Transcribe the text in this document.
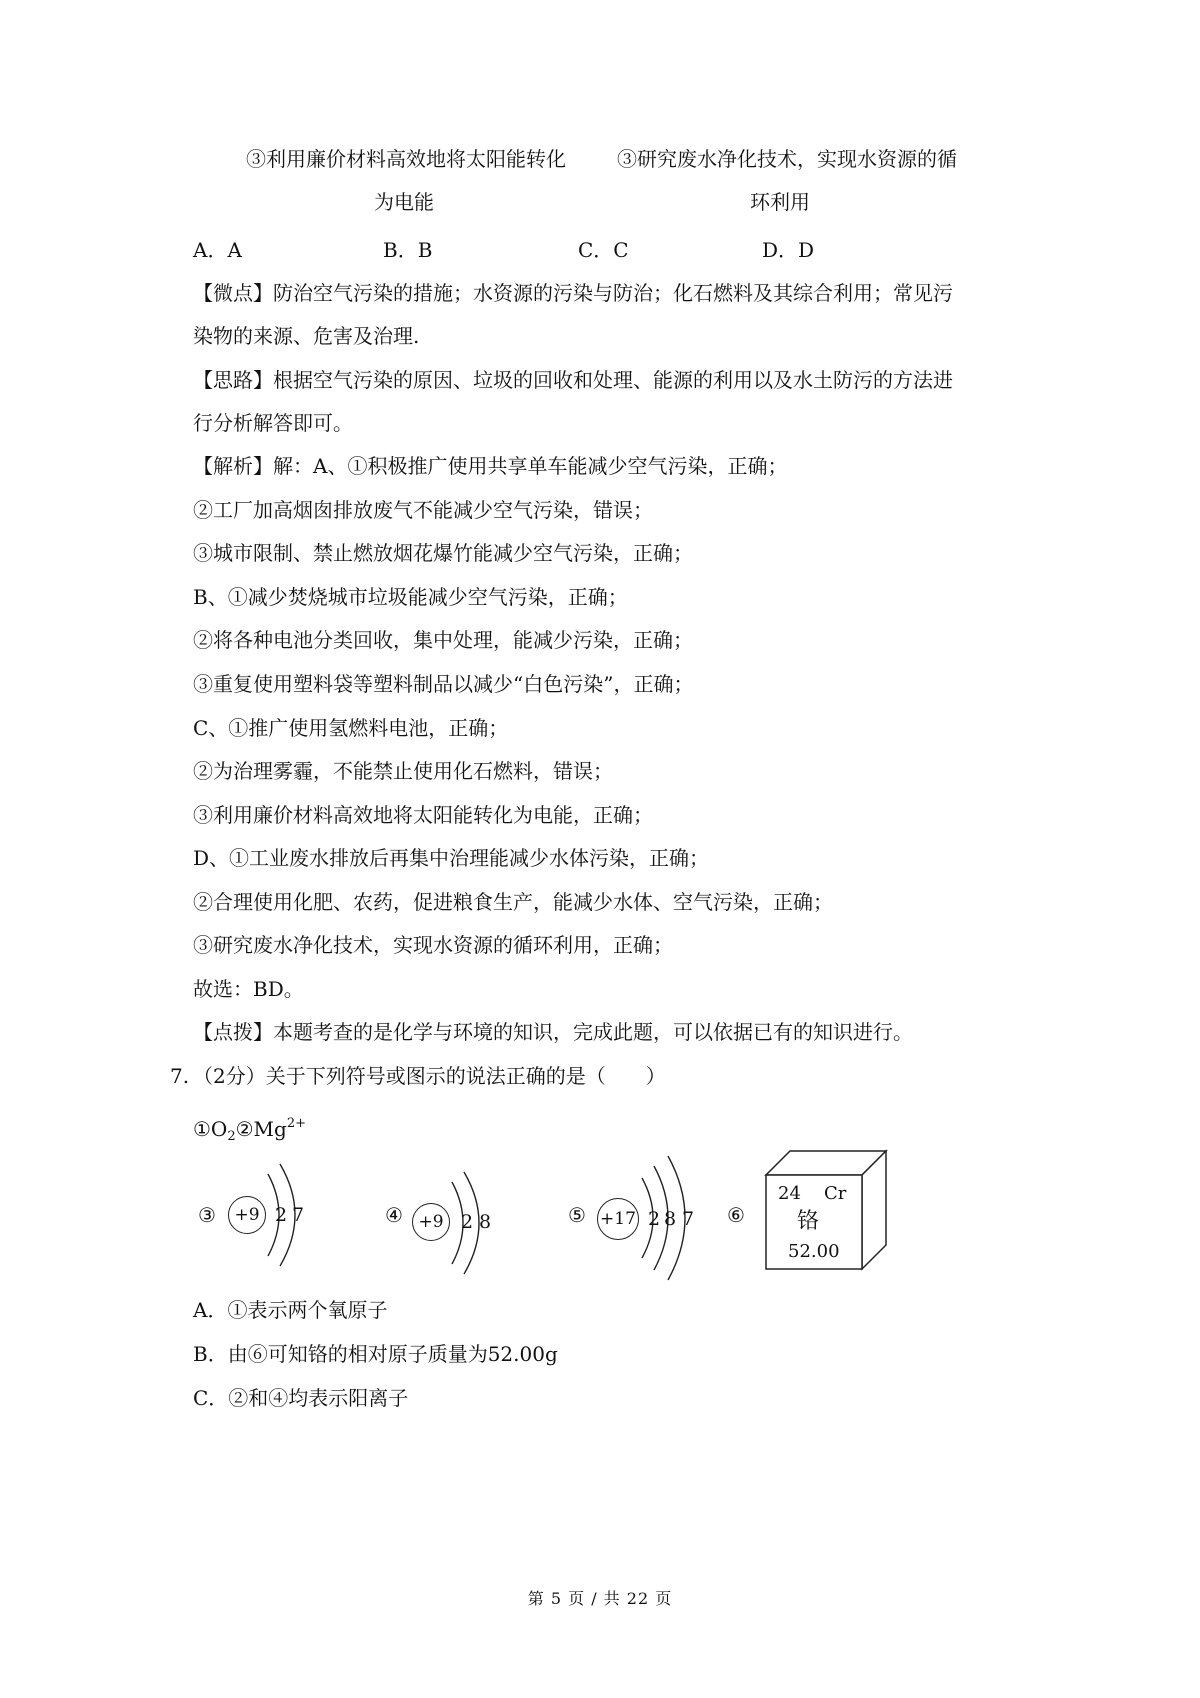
③利用廉价材料高效地将太阳能转化
为电能
③研究废水净化技术，实现水资源的循
环利用
A．A	B．B	C．C	D．D
【微点】防治空气污染的措施；水资源的污染与防治；化石燃料及其综合利用；常见污
染物的来源、危害及治理.
【思路】根据空气污染的原因、垃圾的回收和处理、能源的利用以及水土防污的方法进
行分析解答即可。
【解析】解：A、①积极推广使用共享单车能减少空气污染，正确；
②工厂加高烟囱排放废气不能减少空气污染，错误；
③城市限制、禁止燃放烟花爆竹能减少空气污染，正确；
B、①减少焚烧城市垃圾能减少空气污染，正确；
②将各种电池分类回收，集中处理，能减少污染，正确；
③重复使用塑料袋等塑料制品以减少“白色污染”，正确；
C、①推广使用氢燃料电池，正确；
②为治理雾霾，不能禁止使用化石燃料，错误；
③利用廉价材料高效地将太阳能转化为电能，正确；
D、①工业废水排放后再集中治理能减少水体污染，正确；
②合理使用化肥、农药，促进粮食生产，能减少水体、空气污染，正确；
③研究废水净化技术，实现水资源的循环利用，正确；
故选：BD。
【点拨】本题考查的是化学与环境的知识，完成此题，可以依据已有的知识进行。
7. （2分）关于下列符号或图示的说法正确的是（　　）
$①O_2②Mg^{2+}$
③	+9 2 7	④ +9 2 8	⑤ +17 2 8 7 ⑥
24 Cr
铬
52.00
A．①表示两个氧原子
B．由⑥可知铬的相对原子质量为52.00g
C．②和④均表示阳离子
第 5 页 / 共 22 页
